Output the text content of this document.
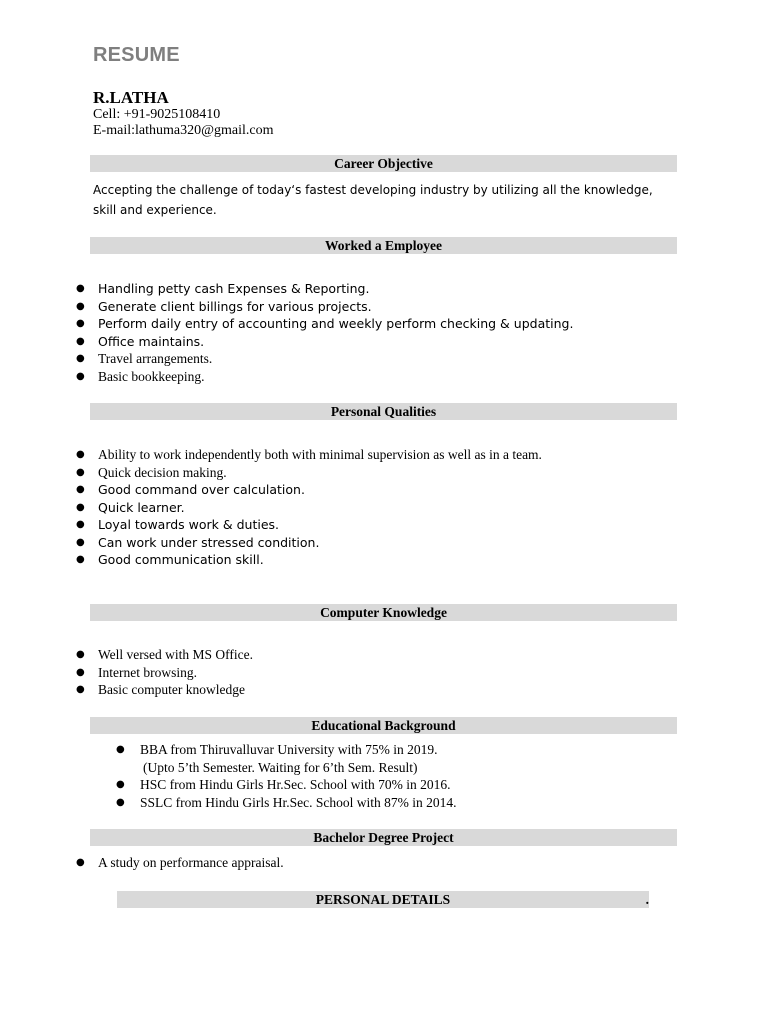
RESUME
R.LATHA
Cell: +91-9025108410
E-mail:lathuma320@gmail.com
Career Objective
Accepting the challenge of today‘s fastest developing industry by utilizing all the knowledge, skill and experience.
Worked a Employee
● Handling petty cash Expenses & Reporting.
● Generate client billings for various projects.
● Perform daily entry of accounting and weekly perform checking & updating.
● Office maintains.
● Travel arrangements.
● Basic bookkeeping.
Personal Qualities
● Ability to work independently both with minimal supervision as well as in a team.
● Quick decision making.
● Good command over calculation.
● Quick learner.
● Loyal towards work & duties.
● Can work under stressed condition.
● Good communication skill.
Computer Knowledge
● Well versed with MS Office.
● Internet browsing.
● Basic computer knowledge
Educational Background
● BBA from Thiruvalluvar University with 75% in 2019.
(Upto 5’th Semester. Waiting for 6’th Sem. Result)
● HSC from Hindu Girls Hr.Sec. School with 70% in 2016.
● SSLC from Hindu Girls Hr.Sec. School with 87% in 2014.
Bachelor Degree Project
● A study on performance appraisal.
PERSONAL DETAILS	.
